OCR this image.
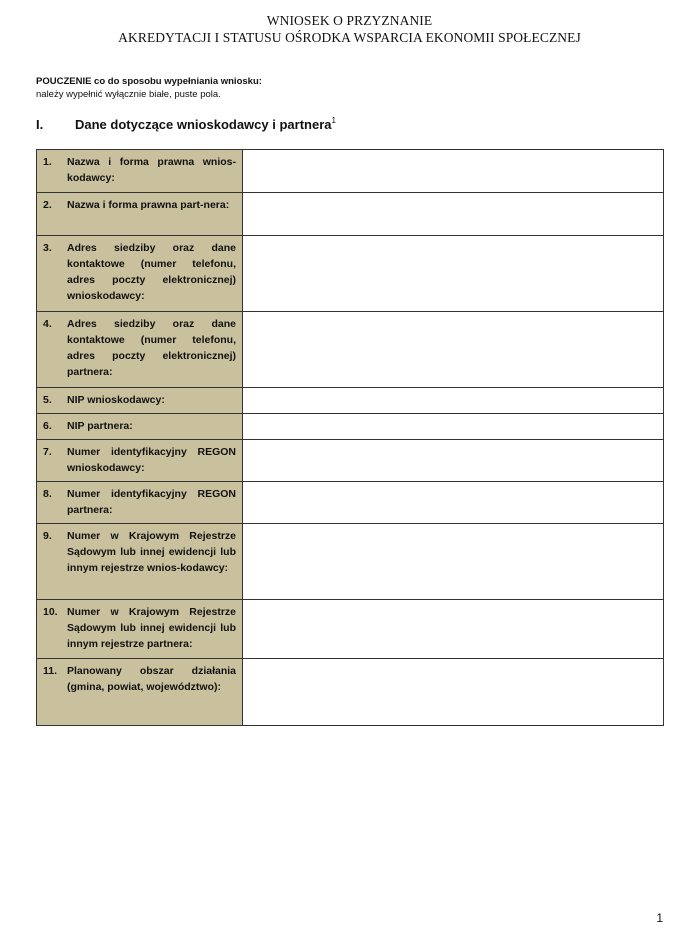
WNIOSEK O PRZYZNANIE
AKREDYTACJI I STATUSU OŚRODKA WSPARCIA EKONOMII SPOŁECZNEJ
POUCZENIE co do sposobu wypełniania wniosku:
należy wypełnić wyłącznie białe, puste pola.
I. Dane dotyczące wnioskodawcy i partnera$^1$
1. Nazwa i forma prawna wnios-kodawcy:	

2. Nazwa i forma prawna part-nera:	

3. Adres siedziby oraz dane kontaktowe (numer telefonu, adres poczty elektronicznej) wnioskodawcy:	

4. Adres siedziby oraz dane kontaktowe (numer telefonu, adres poczty elektronicznej) partnera:	

5. NIP wnioskodawcy:	

6. NIP partnera:	

7. Numer identyfikacyjny REGON wnioskodawcy:	

8. Numer identyfikacyjny REGON partnera:	

9. Numer w Krajowym Rejestrze Sądowym lub innej ewidencji lub innym rejestrze wnios-kodawcy:	

10. Numer w Krajowym Rejestrze Sądowym lub innej ewidencji lub innym rejestrze partnera:	

11. Planowany obszar działania (gmina, powiat, województwo):	

1
